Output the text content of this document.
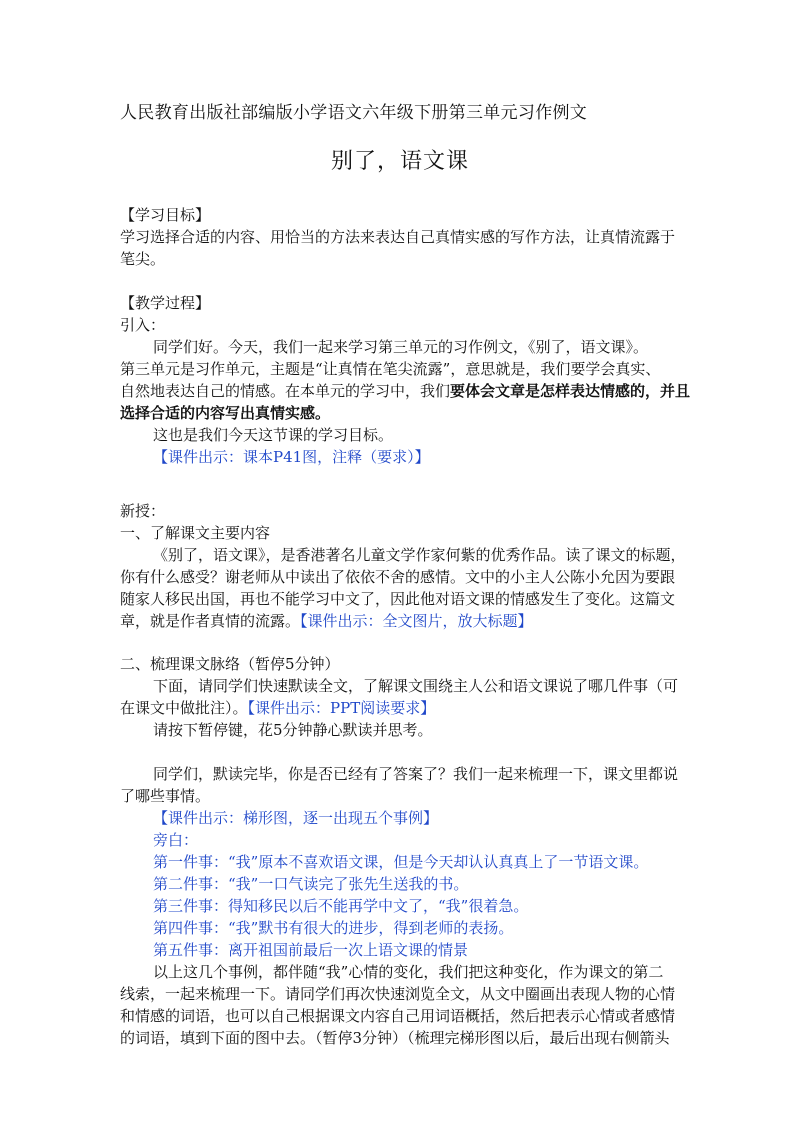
人民教育出版社部编版小学语文六年级下册第三单元习作例文
别了，语文课
【学习目标】
学习选择合适的内容、用恰当的方法来表达自己真情实感的写作方法，让真情流露于
笔尖。
【教学过程】
引入：
同学们好。今天，我们一起来学习第三单元的习作例文，《别了，语文课》。
第三单元是习作单元，主题是“让真情在笔尖流露”，意思就是，我们要学会真实、
自然地表达自己的情感。在本单元的学习中，我们要体会文章是怎样表达情感的，并且
选择合适的内容写出真情实感。
这也是我们今天这节课的学习目标。
【课件出示：课本P41图，注释（要求）】
新授：
一、了解课文主要内容
《别了，语文课》，是香港著名儿童文学作家何紫的优秀作品。读了课文的标题，
你有什么感受？谢老师从中读出了依依不舍的感情。文中的小主人公陈小允因为要跟
随家人移民出国，再也不能学习中文了，因此他对语文课的情感发生了变化。这篇文
章，就是作者真情的流露。【课件出示：全文图片，放大标题】
二、梳理课文脉络（暂停5分钟）
下面，请同学们快速默读全文，了解课文围绕主人公和语文课说了哪几件事（可
在课文中做批注）。【课件出示：PPT阅读要求】
请按下暂停键，花5分钟静心默读并思考。
同学们，默读完毕，你是否已经有了答案了？我们一起来梳理一下，课文里都说
了哪些事情。
【课件出示：梯形图，逐一出现五个事例】
旁白：
第一件事：“我”原本不喜欢语文课，但是今天却认认真真上了一节语文课。
第二件事：“我”一口气读完了张先生送我的书。
第三件事：得知移民以后不能再学中文了，“我”很着急。
第四件事：“我”默书有很大的进步，得到老师的表扬。
第五件事：离开祖国前最后一次上语文课的情景
以上这几个事例，都伴随“我”心情的变化，我们把这种变化，作为课文的第二
线索，一起来梳理一下。请同学们再次快速浏览全文，从文中圈画出表现人物的心情
和情感的词语，也可以自己根据课文内容自己用词语概括，然后把表示心情或者感情
的词语，填到下面的图中去。（暂停3分钟）（梳理完梯形图以后，最后出现右侧箭头
